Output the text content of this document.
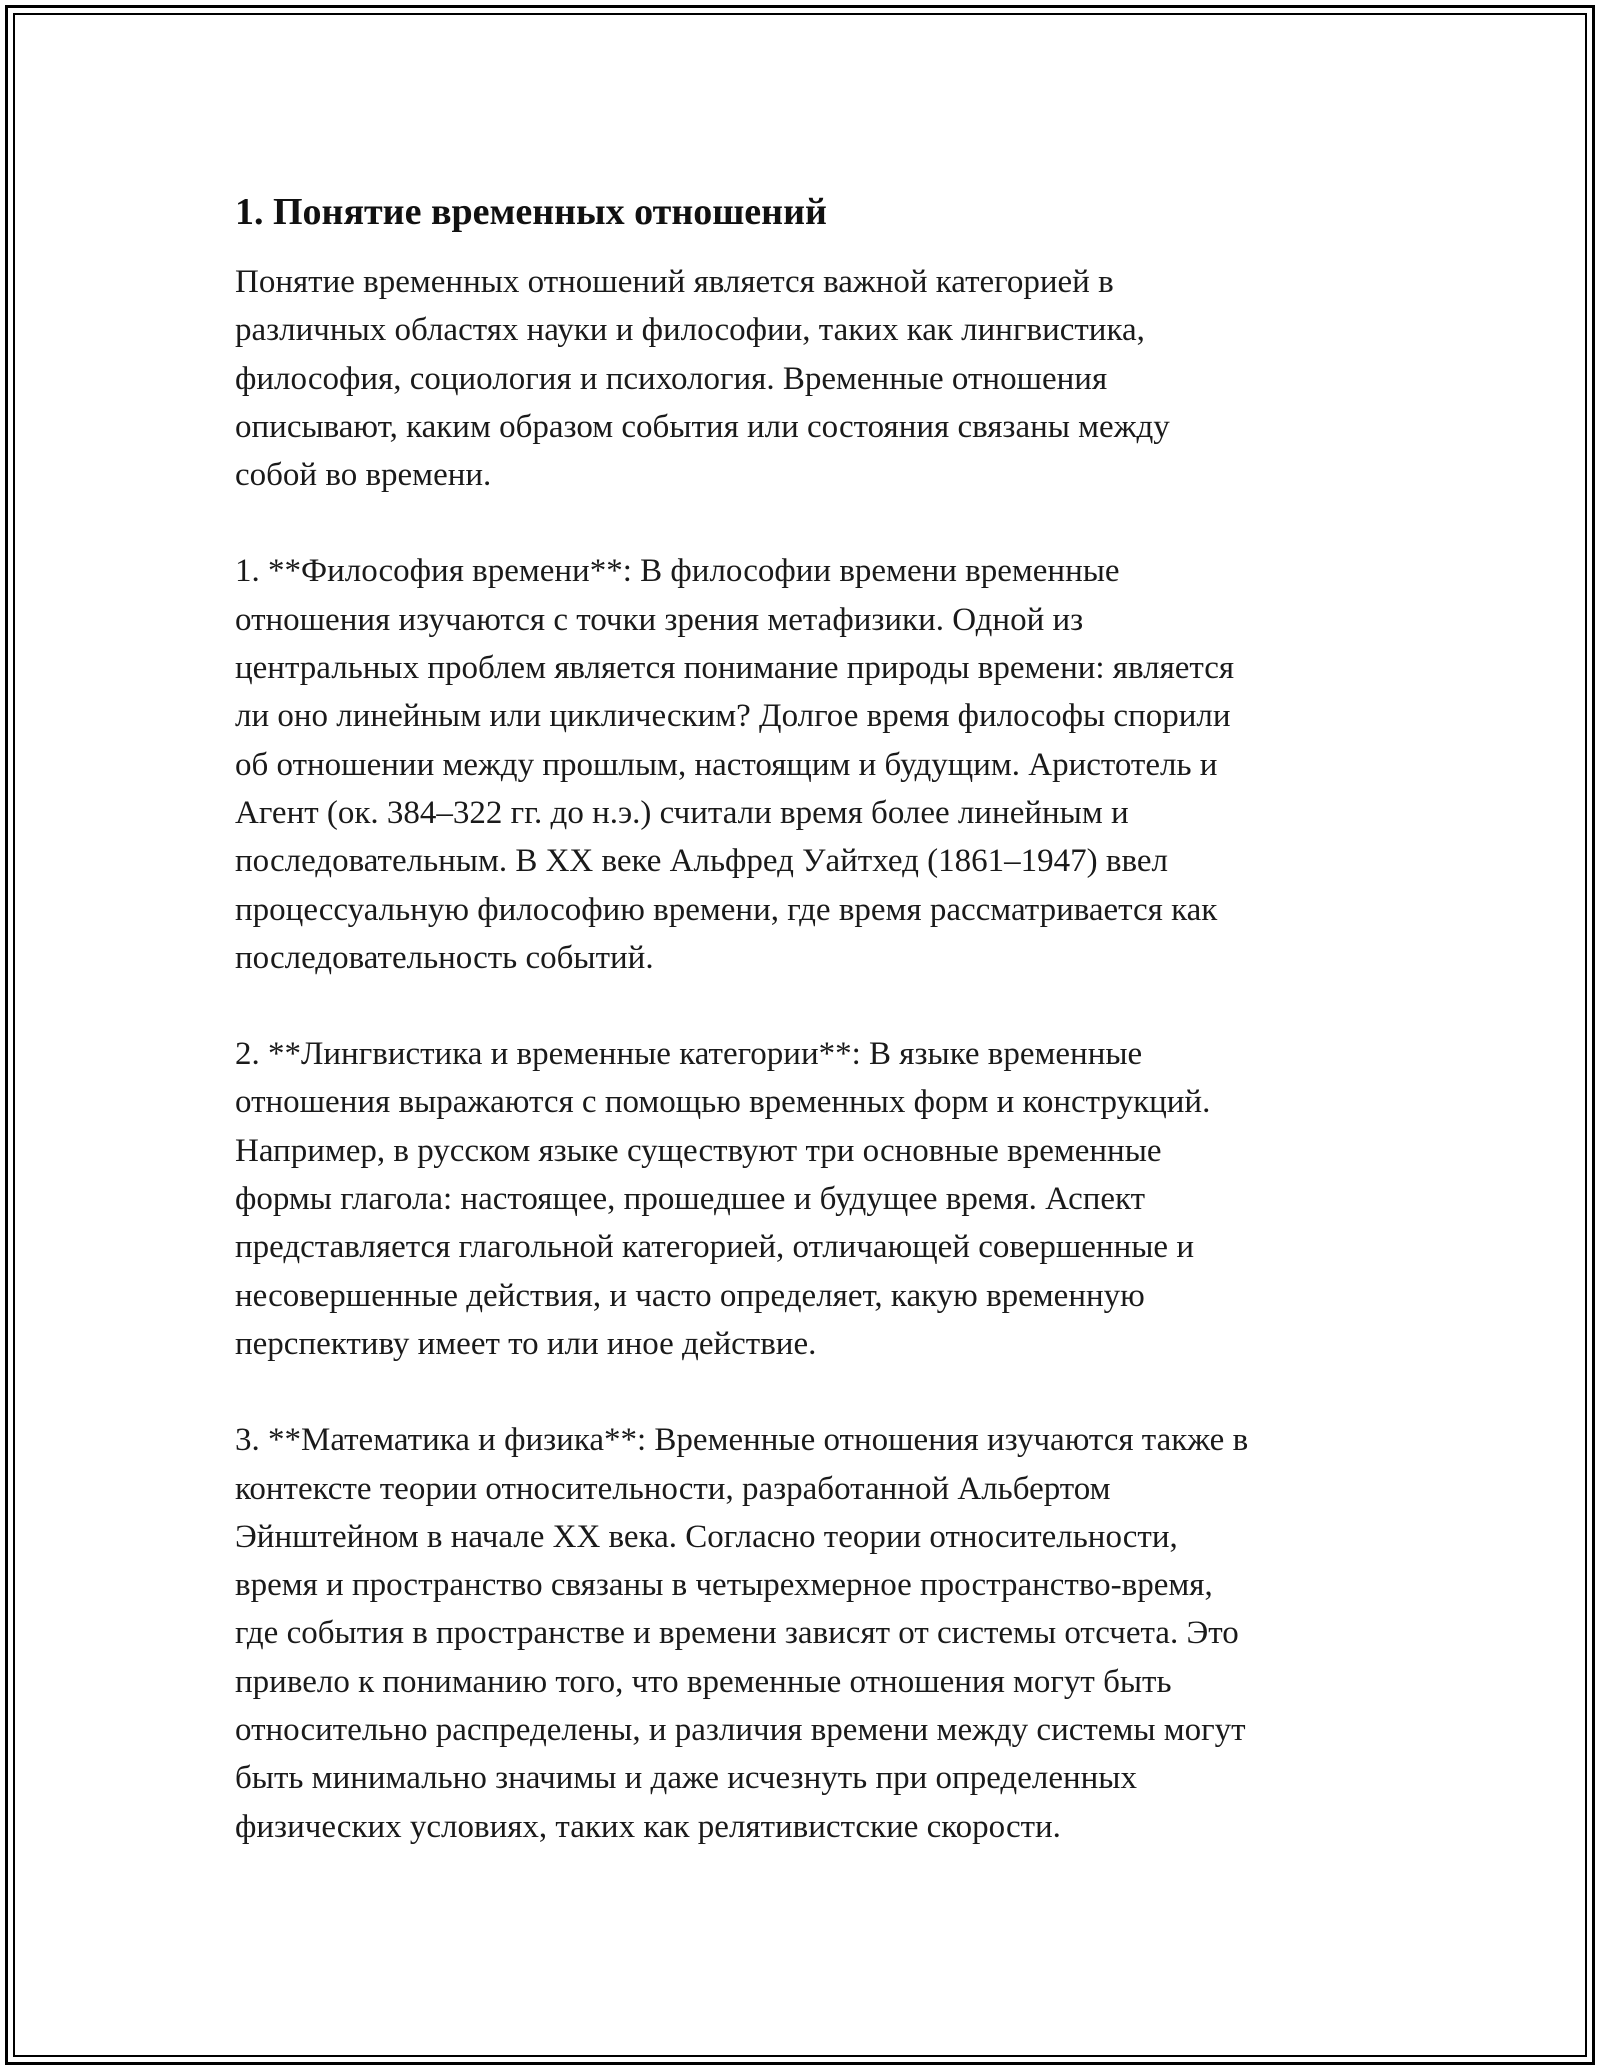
1. Понятие временных отношений

Понятие временных отношений является важной категорией в
различных областях науки и философии, таких как лингвистика,
философия, социология и психология. Временные отношения
описывают, каким образом события или состояния связаны между
собой во времени.

1. **Философия времени**: В философии времени временные
отношения изучаются с точки зрения метафизики. Одной из
центральных проблем является понимание природы времени: является
ли оно линейным или циклическим? Долгое время философы спорили
об отношении между прошлым, настоящим и будущим. Аристотель и
Агент (ок. 384–322 гг. до н.э.) считали время более линейным и
последовательным. В XX веке Альфред Уайтхед (1861–1947) ввел
процессуальную философию времени, где время рассматривается как
последовательность событий.

2. **Лингвистика и временные категории**: В языке временные
отношения выражаются с помощью временных форм и конструкций.
Например, в русском языке существуют три основные временные
формы глагола: настоящее, прошедшее и будущее время. Аспект
представляется глагольной категорией, отличающей совершенные и
несовершенные действия, и часто определяет, какую временную
перспективу имеет то или иное действие.

3. **Математика и физика**: Временные отношения изучаются также в
контексте теории относительности, разработанной Альбертом
Эйнштейном в начале XX века. Согласно теории относительности,
время и пространство связаны в четырехмерное пространство-время,
где события в пространстве и времени зависят от системы отсчета. Это
привело к пониманию того, что временные отношения могут быть
относительно распределены, и различия времени между системы могут
быть минимально значимы и даже исчезнуть при определенных
физических условиях, таких как релятивистские скорости.
